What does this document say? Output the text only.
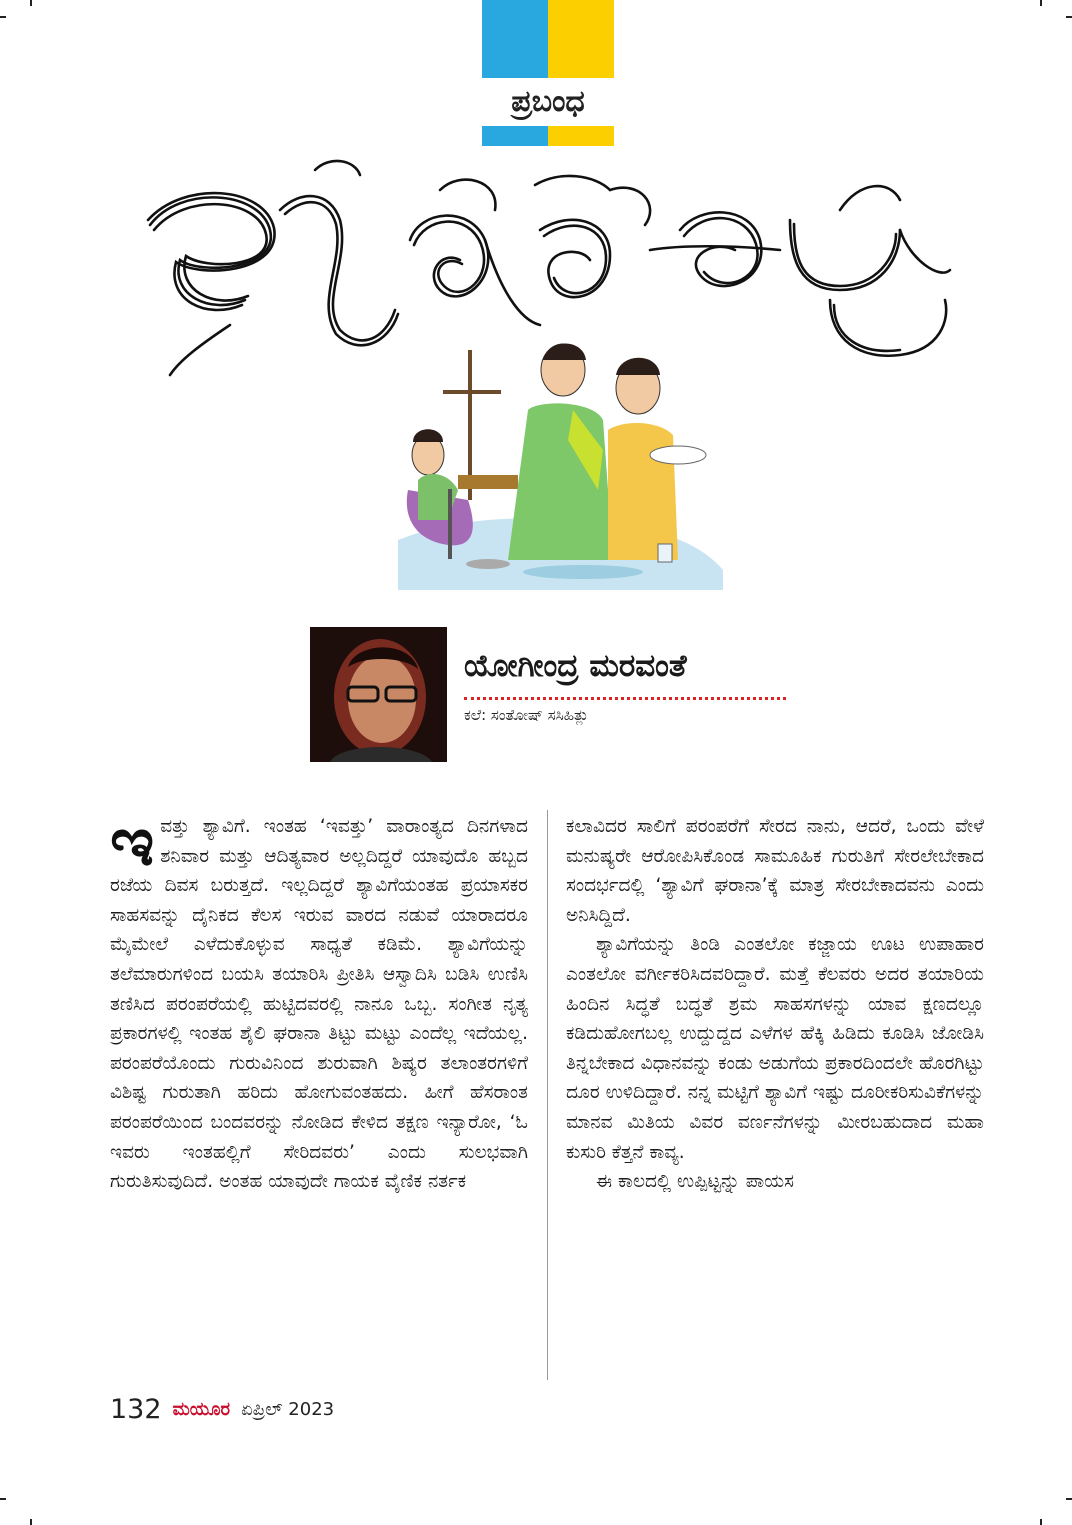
ಪ್ರಬಂಧ
ಯೋಗೀಂದ್ರ ಮರವಂತೆ
ಕಲೆ: ಸಂತೋಷ್ ಸಸಿಹಿತ್ಲು

ಇ ವತ್ತು ಶ್ಯಾವಿಗೆ. ಇಂತಹ ‘ಇವತ್ತು’ ವಾರಾಂತ್ಯದ ದಿನಗಳಾದ ಶನಿವಾರ ಮತ್ತು ಆದಿತ್ಯವಾರ ಅಲ್ಲದಿದ್ದರೆ ಯಾವುದೊ ಹಬ್ಬದ ರಜೆಯ ದಿವಸ ಬರುತ್ತದೆ. ಇಲ್ಲದಿದ್ದರೆ ಶ್ಯಾವಿಗೆಯಂತಹ ಪ್ರಯಾಸಕರ ಸಾಹಸವನ್ನು ದೈನಿಕದ ಕೆಲಸ ಇರುವ ವಾರದ ನಡುವೆ ಯಾರಾದರೂ ಮೈಮೇಲೆ ಎಳೆದುಕೊಳ್ಳುವ ಸಾಧ್ಯತೆ ಕಡಿಮೆ. ಶ್ಯಾವಿಗೆಯನ್ನು ತಲೆಮಾರುಗಳಿಂದ ಬಯಸಿ ತಯಾರಿಸಿ ಪ್ರೀತಿಸಿ ಆಸ್ವಾದಿಸಿ ಬಡಿಸಿ ಉಣಿಸಿ ತಣಿಸಿದ ಪರಂಪರೆಯಲ್ಲಿ ಹುಟ್ಟಿದವರಲ್ಲಿ ನಾನೂ ಒಬ್ಬ. ಸಂಗೀತ ನೃತ್ಯ ಪ್ರಕಾರಗಳಲ್ಲಿ ಇಂತಹ ಶೈಲಿ ಘರಾನಾ ತಿಟ್ಟು ಮಟ್ಟು ಎಂದೆಲ್ಲ ಇದೆಯಲ್ಲ. ಪರಂಪರೆಯೊಂದು ಗುರುವಿನಿಂದ ಶುರುವಾಗಿ ಶಿಷ್ಯರ ತಲಾಂತರಗಳಿಗೆ ವಿಶಿಷ್ಟ ಗುರುತಾಗಿ ಹರಿದು ಹೋಗುವಂತಹದು. ಹೀಗೆ ಹೆಸರಾಂತ ಪರಂಪರೆಯಿಂದ ಬಂದವರನ್ನು ನೋಡಿದ ಕೇಳಿದ ತಕ್ಷಣ ಇನ್ಯಾರೋ, ‘ಓ ಇವರು ಇಂತಹಲ್ಲಿಗೆ ಸೇರಿದವರು’ ಎಂದು ಸುಲಭವಾಗಿ ಗುರುತಿಸುವುದಿದೆ. ಅಂತಹ ಯಾವುದೇ ಗಾಯಕ ವೈಣಿಕ ನರ್ತಕ

ಕಲಾವಿದರ ಸಾಲಿಗೆ ಪರಂಪರೆಗೆ ಸೇರದ ನಾನು, ಆದರೆ, ಒಂದು ವೇಳೆ ಮನುಷ್ಯರೇ ಆರೋಪಿಸಿಕೊಂಡ ಸಾಮೂಹಿಕ ಗುರುತಿಗೆ ಸೇರಲೇಬೇಕಾದ ಸಂದರ್ಭದಲ್ಲಿ ‘ಶ್ಯಾವಿಗೆ ಘರಾನಾ’ಕ್ಕೆ ಮಾತ್ರ ಸೇರಬೇಕಾದವನು ಎಂದು ಅನಿಸಿದ್ದಿದೆ.

ಶ್ಯಾವಿಗೆಯನ್ನು ತಿಂಡಿ ಎಂತಲೋ ಕಜ್ಜಾಯ ಊಟ ಉಪಾಹಾರ ಎಂತಲೋ ವರ್ಗೀಕರಿಸಿದವರಿದ್ದಾರೆ. ಮತ್ತೆ ಕೆಲವರು ಅದರ ತಯಾರಿಯ ಹಿಂದಿನ ಸಿದ್ಧತೆ ಬದ್ಧತೆ ಶ್ರಮ ಸಾಹಸಗಳನ್ನು ಯಾವ ಕ್ಷಣದಲ್ಲೂ ಕಡಿದುಹೋಗಬಲ್ಲ ಉದ್ದುದ್ದದ ಎಳೆಗಳ ಹೆಕ್ಕಿ ಹಿಡಿದು ಕೂಡಿಸಿ ಜೋಡಿಸಿ ತಿನ್ನಬೇಕಾದ ವಿಧಾನವನ್ನು ಕಂಡು ಅಡುಗೆಯ ಪ್ರಕಾರದಿಂದಲೇ ಹೊರಗಿಟ್ಟು ದೂರ ಉಳಿದಿದ್ದಾರೆ. ನನ್ನ ಮಟ್ಟಿಗೆ ಶ್ಯಾವಿಗೆ ಇಷ್ಟು ದೂರೀಕರಿಸುವಿಕೆಗಳನ್ನು ಮಾನವ ಮಿತಿಯ ವಿವರ ವರ್ಣನೆಗಳನ್ನು ಮೀರಬಹುದಾದ ಮಹಾ ಕುಸುರಿ ಕೆತ್ತನೆ ಕಾವ್ಯ.

ಈ ಕಾಲದಲ್ಲಿ ಉಪ್ಪಿಟ್ಟನ್ನು ಪಾಯಸ

132 ಮಯೂರ ಏಪ್ರಿಲ್ 2023
